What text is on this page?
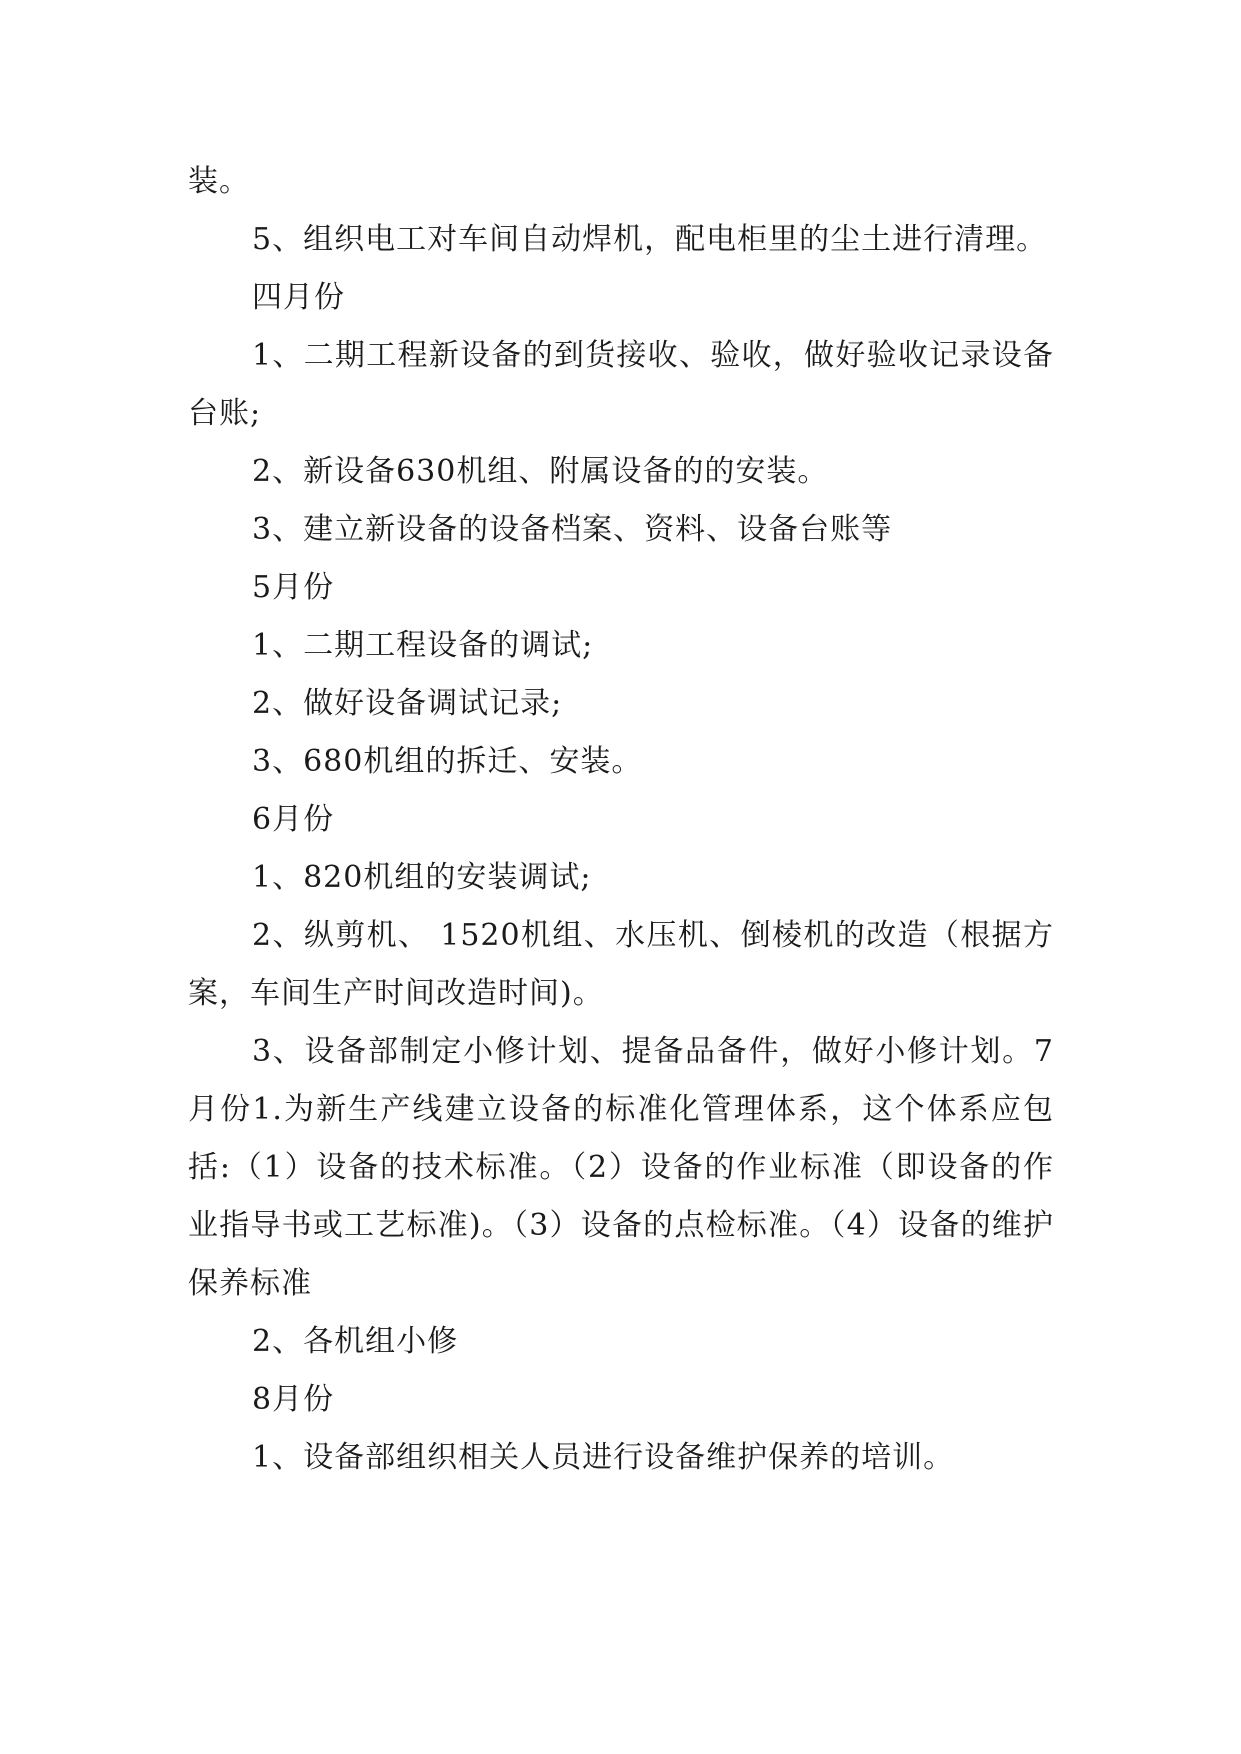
装。

5、组织电工对车间自动焊机，配电柜里的尘土进行清理。

四月份

1、二期工程新设备的到货接收、验收，做好验收记录设备台账;

2、新设备630机组、附属设备的的安装。

3、建立新设备的设备档案、资料、设备台账等

5月份

1、二期工程设备的调试;

2、做好设备调试记录;

3、680机组的拆迁、安装。

6月份

1、820机组的安装调试;

2、纵剪机、 1520机组、水压机、倒棱机的改造（根据方案，车间生产时间改造时间)。

3、设备部制定小修计划、提备品备件，做好小修计划。7月份1.为新生产线建立设备的标准化管理体系，这个体系应包括:（1）设备的技术标准。（2）设备的作业标准（即设备的作业指导书或工艺标准)。（3）设备的点检标准。（4）设备的维护保养标准

2、各机组小修

8月份

1、设备部组织相关人员进行设备维护保养的培训。
